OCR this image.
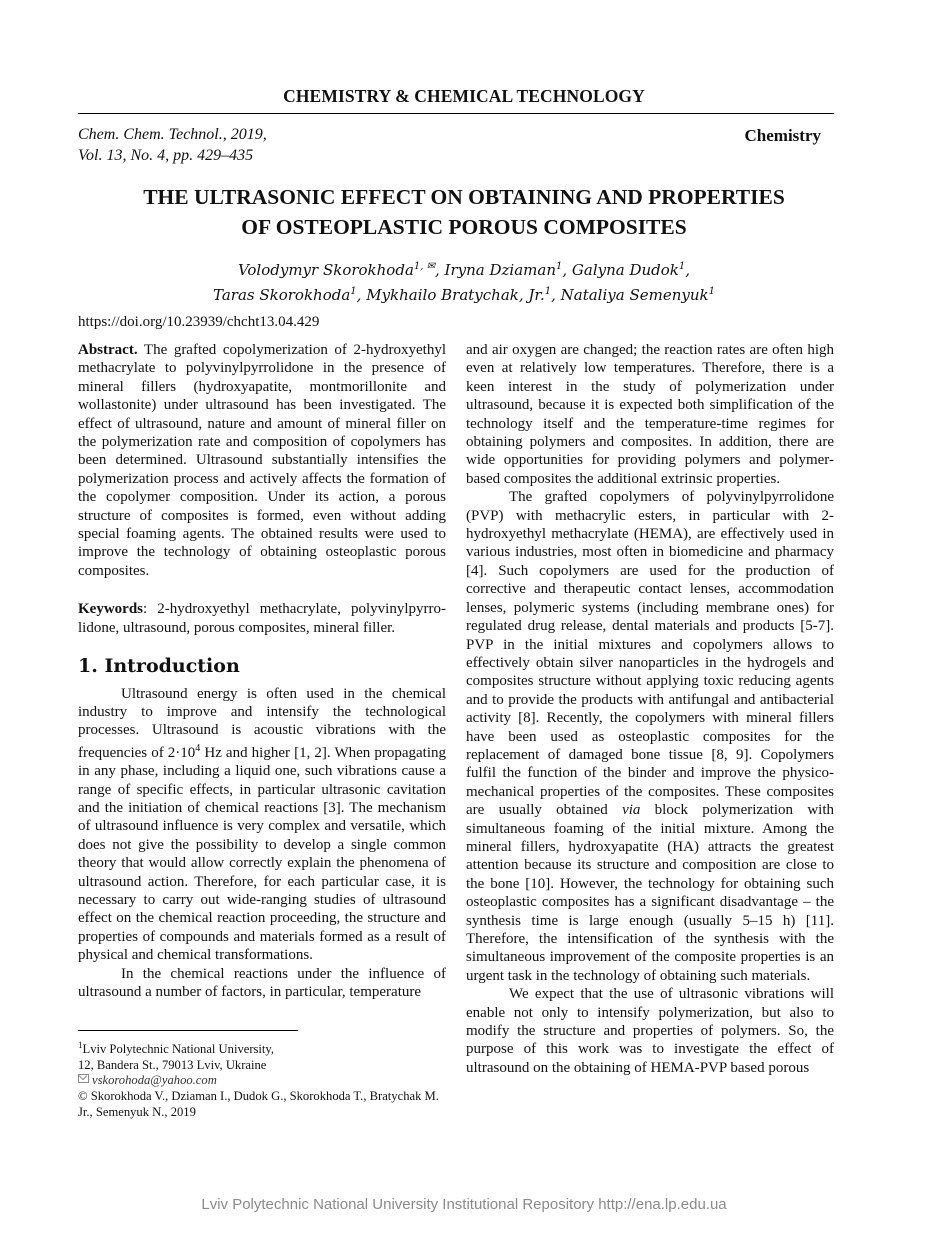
CHEMISTRY & CHEMICAL TECHNOLOGY
Chem. Chem. Technol., 2019,
Vol. 13, No. 4, pp. 429–435
Chemistry
THE ULTRASONIC EFFECT ON OBTAINING AND PROPERTIES
OF OSTEOPLASTIC POROUS COMPOSITES
Volodymyr Skorokhoda$^{1, ✉}$, Iryna Dziaman$^1$, Galyna Dudok$^1$,
Taras Skorokhoda$^1$, Mykhailo Bratychak, Jr.$^1$, Nataliya Semenyuk$^1$
https://doi.org/10.23939/chcht13.04.429

Abstract. The grafted copolymerization of 2-hydroxyethyl methacrylate to polyvinylpyrrolidone in the presence of mineral fillers (hydroxyapatite, montmorillonite and wollastonite) under ultrasound has been investigated. The effect of ultrasound, nature and amount of mineral filler on the polymerization rate and composition of copolymers has been determined. Ultrasound substantially intensifies the polymerization process and actively affects the formation of the copolymer composition. Under its action, a porous structure of composites is formed, even without adding special foaming agents. The obtained results were used to improve the technology of obtaining osteoplastic porous composites.

Keywords: 2-hydroxyethyl methacrylate, polyvinylpyrrolidone, ultrasound, porous composites, mineral filler.

1. Introduction

Ultrasound energy is often used in the chemical industry to improve and intensify the technological processes. Ultrasound is acoustic vibrations with the frequencies of $2\cdot 10^4$ Hz and higher [1, 2]. When propagating in any phase, including a liquid one, such vibrations cause a range of specific effects, in particular ultrasonic cavitation and the initiation of chemical reactions [3]. The mechanism of ultrasound influence is very complex and versatile, which does not give the possibility to develop a single common theory that would allow correctly explain the phenomena of ultrasound action. Therefore, for each particular case, it is necessary to carry out wide-ranging studies of ultrasound effect on the chemical reaction proceeding, the structure and properties of compounds and materials formed as a result of physical and chemical transformations.

In the chemical reactions under the influence of ultrasound a number of factors, in particular, temperature

and air oxygen are changed; the reaction rates are often high even at relatively low temperatures. Therefore, there is a keen interest in the study of polymerization under ultrasound, because it is expected both simplification of the technology itself and the temperature-time regimes for obtaining polymers and composites. In addition, there are wide opportunities for providing polymers and polymer-based composites the additional extrinsic properties.

The grafted copolymers of polyvinylpyrrolidone (PVP) with methacrylic esters, in particular with 2-hydroxyethyl methacrylate (HEMA), are effectively used in various industries, most often in biomedicine and pharmacy [4]. Such copolymers are used for the production of corrective and therapeutic contact lenses, accommodation lenses, polymeric systems (including membrane ones) for regulated drug release, dental materials and products [5-7]. PVP in the initial mixtures and copolymers allows to effectively obtain silver nanoparticles in the hydrogels and composites structure without applying toxic reducing agents and to provide the products with antifungal and antibacterial activity [8]. Recently, the copolymers with mineral fillers have been used as osteoplastic composites for the replacement of damaged bone tissue [8, 9]. Copolymers fulfil the function of the binder and improve the physico-mechanical properties of the composites. These composites are usually obtained via block polymerization with simultaneous foaming of the initial mixture. Among the mineral fillers, hydroxyapatite (HA) attracts the greatest attention because its structure and composition are close to the bone [10]. However, the technology for obtaining such osteoplastic composites has a significant disadvantage – the synthesis time is large enough (usually 5–15 h) [11]. Therefore, the intensification of the synthesis with the simultaneous improvement of the composite properties is an urgent task in the technology of obtaining such materials.

We expect that the use of ultrasonic vibrations will enable not only to intensify polymerization, but also to modify the structure and properties of polymers. So, the purpose of this work was to investigate the effect of ultrasound on the obtaining of HEMA-PVP based porous

$^1$Lviv Polytechnic National University,
12, Bandera St., 79013 Lviv, Ukraine
vskorohoda@yahoo.com
© Skorokhoda V., Dziaman I., Dudok G., Skorokhoda T., Bratychak M. Jr., Semenyuk N., 2019
Lviv Polytechnic National University Institutional Repository http://ena.lp.edu.ua
